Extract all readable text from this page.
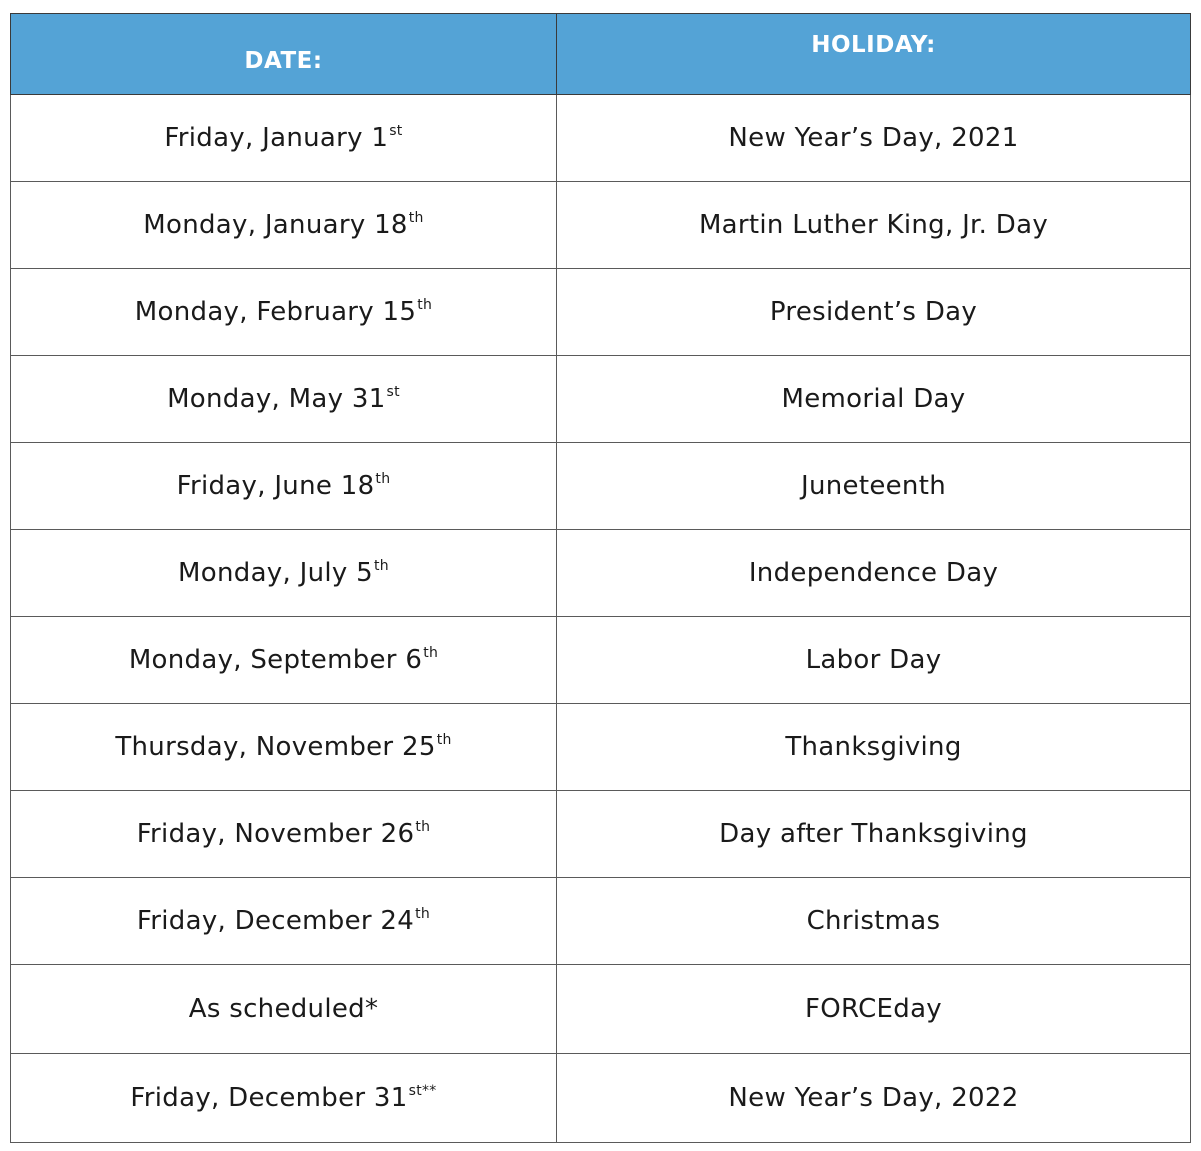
DATE:	HOLIDAY:
Friday, January 1st	New Year’s Day, 2021
Monday, January 18th	Martin Luther King, Jr. Day
Monday, February 15th	President’s Day
Monday, May 31st	Memorial Day
Friday, June 18th	Juneteenth
Monday, July 5th	Independence Day
Monday, September 6th	Labor Day
Thursday, November 25th	Thanksgiving
Friday, November 26th	Day after Thanksgiving
Friday, December 24th	Christmas
As scheduled*	FORCEday
Friday, December $31^{st**}$	New Year’s Day, 2022
